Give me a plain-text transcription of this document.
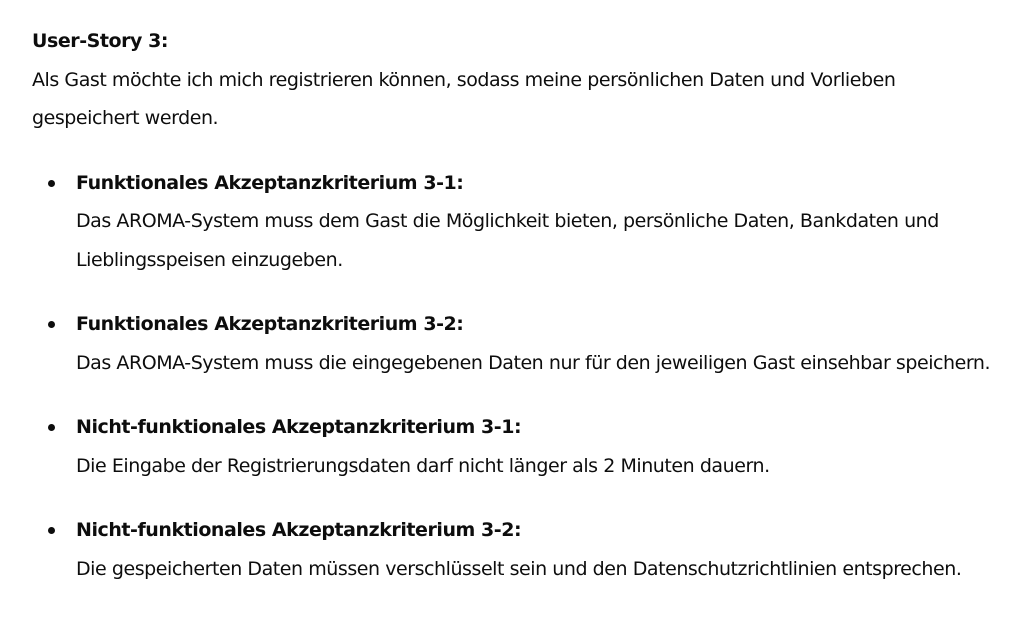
User-Story 3:

Als Gast möchte ich mich registrieren können, sodass meine persönlichen Daten und Vorlieben gespeichert werden.

Funktionales Akzeptanzkriterium 3-1:
Das AROMA-System muss dem Gast die Möglichkeit bieten, persönliche Daten, Bankdaten und Lieblingsspeisen einzugeben.
Funktionales Akzeptanzkriterium 3-2:
Das AROMA-System muss die eingegebenen Daten nur für den jeweiligen Gast einsehbar speichern.
Nicht-funktionales Akzeptanzkriterium 3-1:
Die Eingabe der Registrierungsdaten darf nicht länger als 2 Minuten dauern.
Nicht-funktionales Akzeptanzkriterium 3-2:
Die gespeicherten Daten müssen verschlüsselt sein und den Datenschutzrichtlinien entsprechen.
